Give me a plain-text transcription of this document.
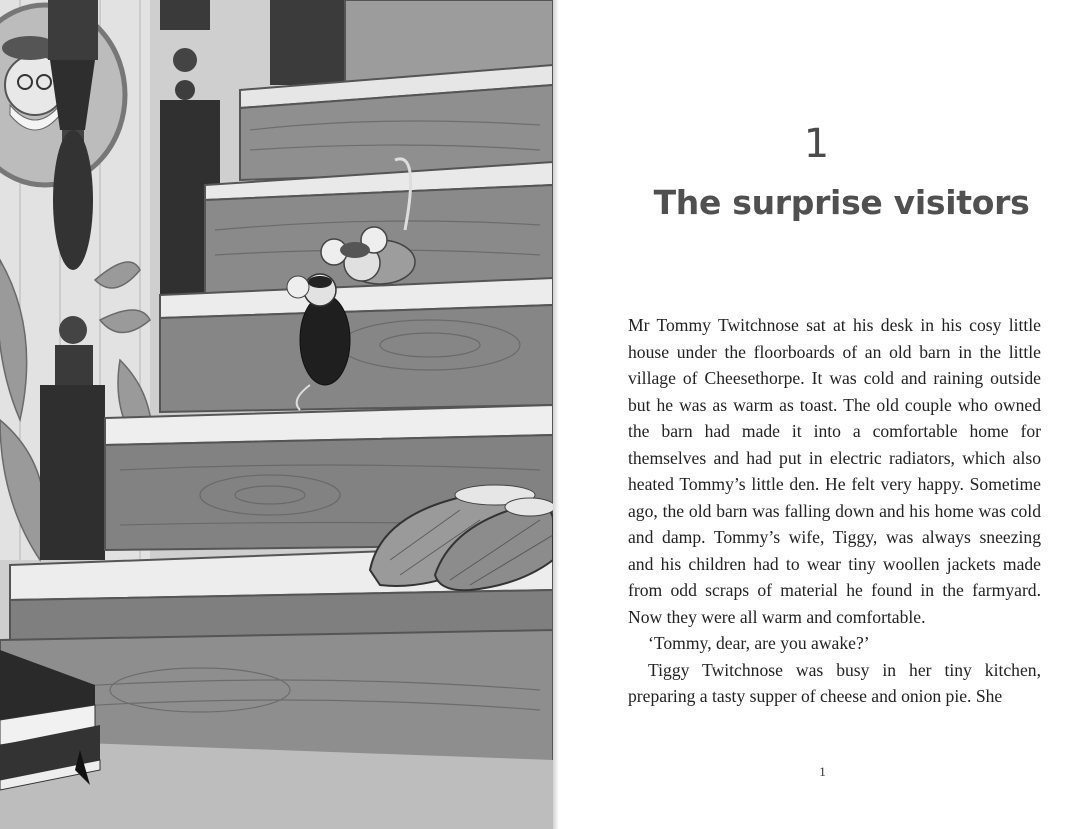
1
The surprise visitors

Mr Tommy Twitchnose sat at his desk in his cosy little house under the floorboards of an old barn in the little village of Cheesethorpe. It was cold and raining outside but he was as warm as toast. The old couple who owned the barn had made it into a comfortable home for themselves and had put in electric radiators, which also heated Tommy’s little den. He felt very happy. Sometime ago, the old barn was falling down and his home was cold and damp. Tommy’s wife, Tiggy, was always sneezing and his children had to wear tiny woollen jackets made from odd scraps of material he found in the farmyard. Now they were all warm and comfortable.

‘Tommy, dear, are you awake?’

Tiggy Twitchnose was busy in her tiny kitchen, preparing a tasty supper of cheese and onion pie. She

1
